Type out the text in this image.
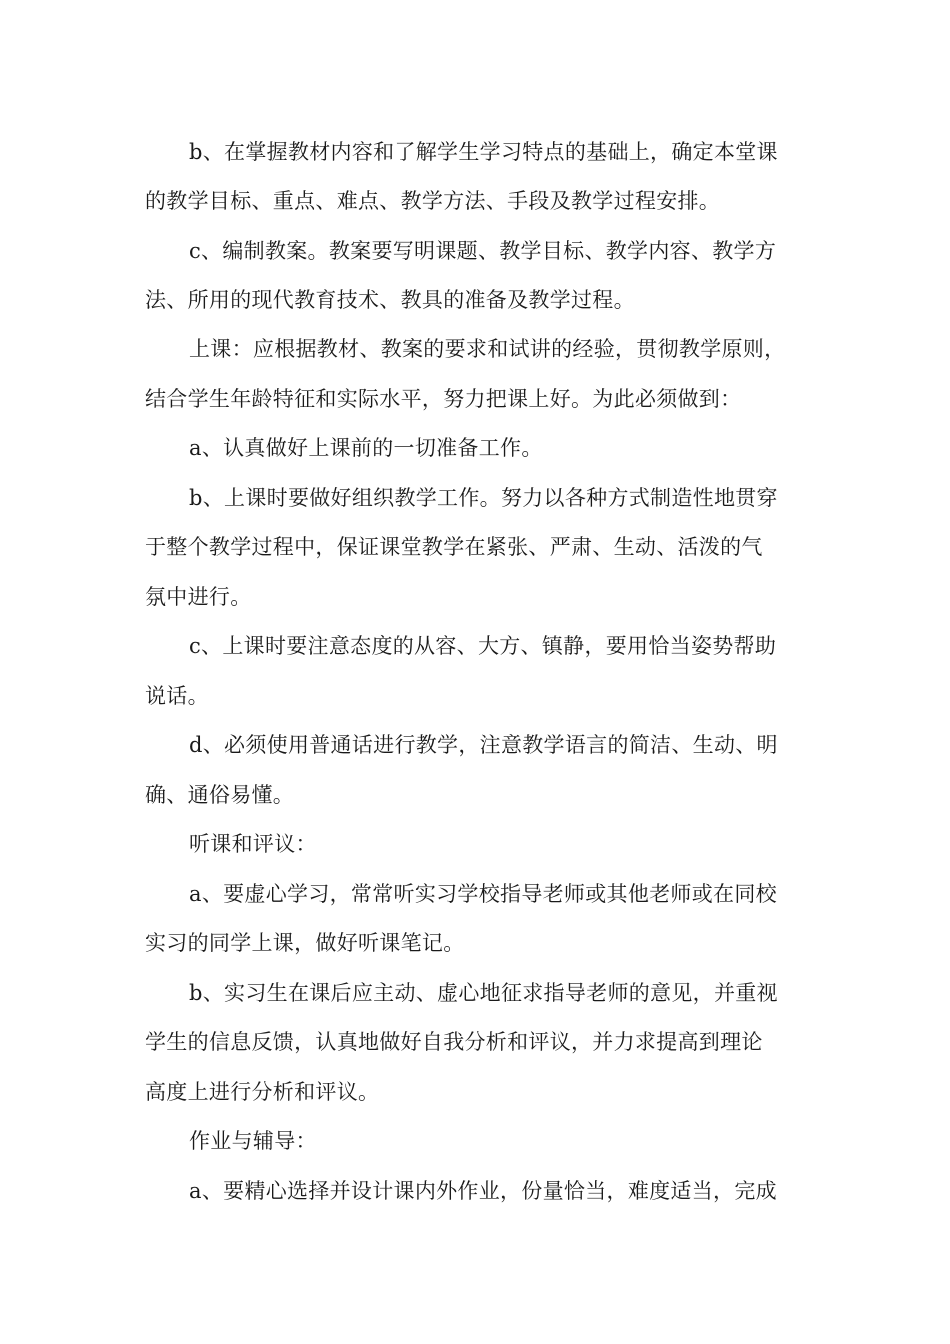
b、在掌握教材内容和了解学生学习特点的基础上，确定本堂课
的教学目标、重点、难点、教学方法、手段及教学过程安排。
c、编制教案。教案要写明课题、教学目标、教学内容、教学方
法、所用的现代教育技术、教具的准备及教学过程。
上课：应根据教材、教案的要求和试讲的经验，贯彻教学原则，
结合学生年龄特征和实际水平，努力把课上好。为此必须做到：
a、认真做好上课前的一切准备工作。
b、上课时要做好组织教学工作。努力以各种方式制造性地贯穿
于整个教学过程中，保证课堂教学在紧张、严肃、生动、活泼的气
氛中进行。
c、上课时要注意态度的从容、大方、镇静，要用恰当姿势帮助
说话。
d、必须使用普通话进行教学，注意教学语言的简洁、生动、明
确、通俗易懂。
听课和评议：
a、要虚心学习，常常听实习学校指导老师或其他老师或在同校
实习的同学上课，做好听课笔记。
b、实习生在课后应主动、虚心地征求指导老师的意见，并重视
学生的信息反馈，认真地做好自我分析和评议，并力求提高到理论
高度上进行分析和评议。
作业与辅导：
a、要精心选择并设计课内外作业，份量恰当，难度适当，完成
